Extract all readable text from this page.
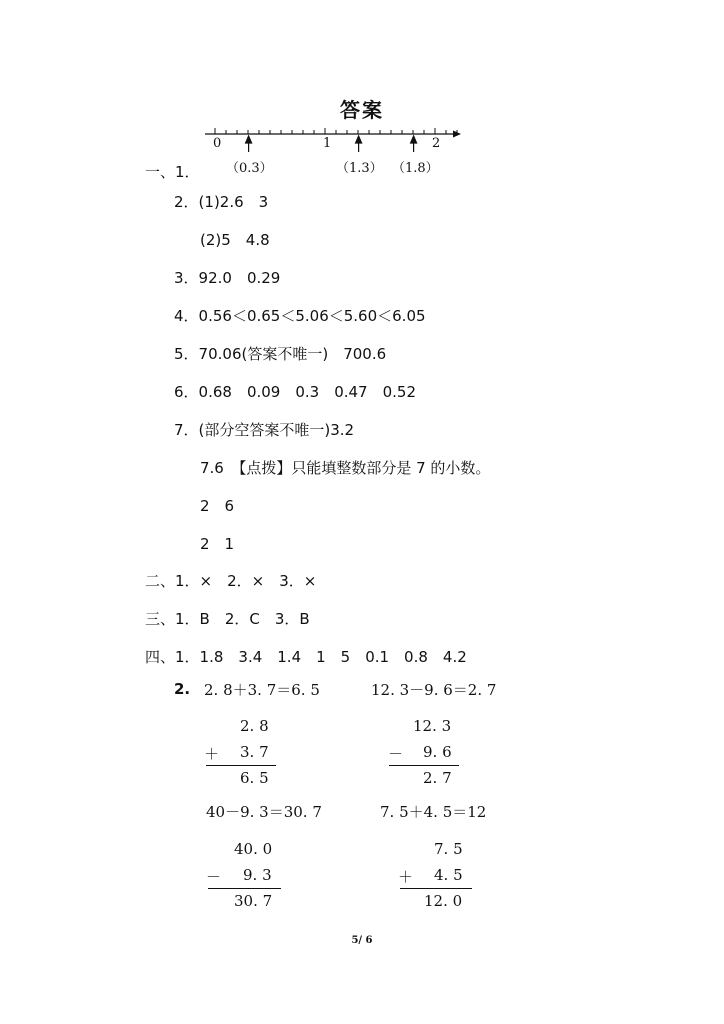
答案
0	1	2
（0.3）	（1.3） （1.8）
一、1．
2．(1)2.6　3
(2)5　4.8
3．92.0　0.29
4．0.56＜0.65＜5.06＜5.60＜6.05
5．70.06(答案不唯一)　700.6
6．0.68　0.09　0.3　0.47　0.52
7．(部分空答案不唯一)3.2
7.6　【点拨】只能填整数部分是 7 的小数。
2　6
2　1
二、1．×　2．×　3．×
三、1．B　2．C　3．B
四、1．1.8　3.4　1.4　1　5　0.1　0.8　4.2
2. 2. 8＋3. 7＝6. 5	12. 3－9. 6＝2. 7
2. 8
＋ 3. 7
6. 5
12. 3
－ 9. 6
2. 7
40－9. 3＝30. 7	7. 5＋4. 5＝12
40. 0
－ 9. 3
30. 7
7. 5
＋ 4. 5
12. 0
5/ 6
